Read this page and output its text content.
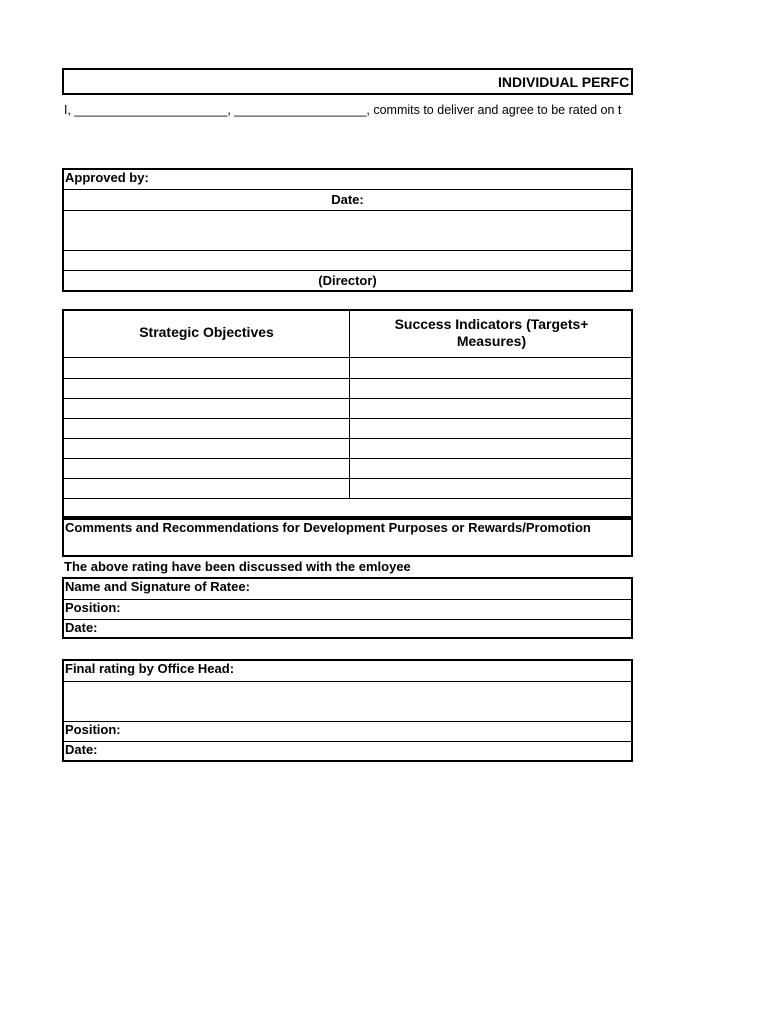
INDIVIDUAL PERFC
I, ______________________, ___________________, commits to deliver and agree to be rated on t
Approved by:
Date:
(Director)
Strategic Objectives	Success Indicators (Targets+ Measures)
Comments and Recommendations for Development Purposes or Rewards/Promotion
The above rating have been discussed with the emloyee
Name and Signature of Ratee:
Position:
Date:
Final rating by Office Head:
Position:
Date:
